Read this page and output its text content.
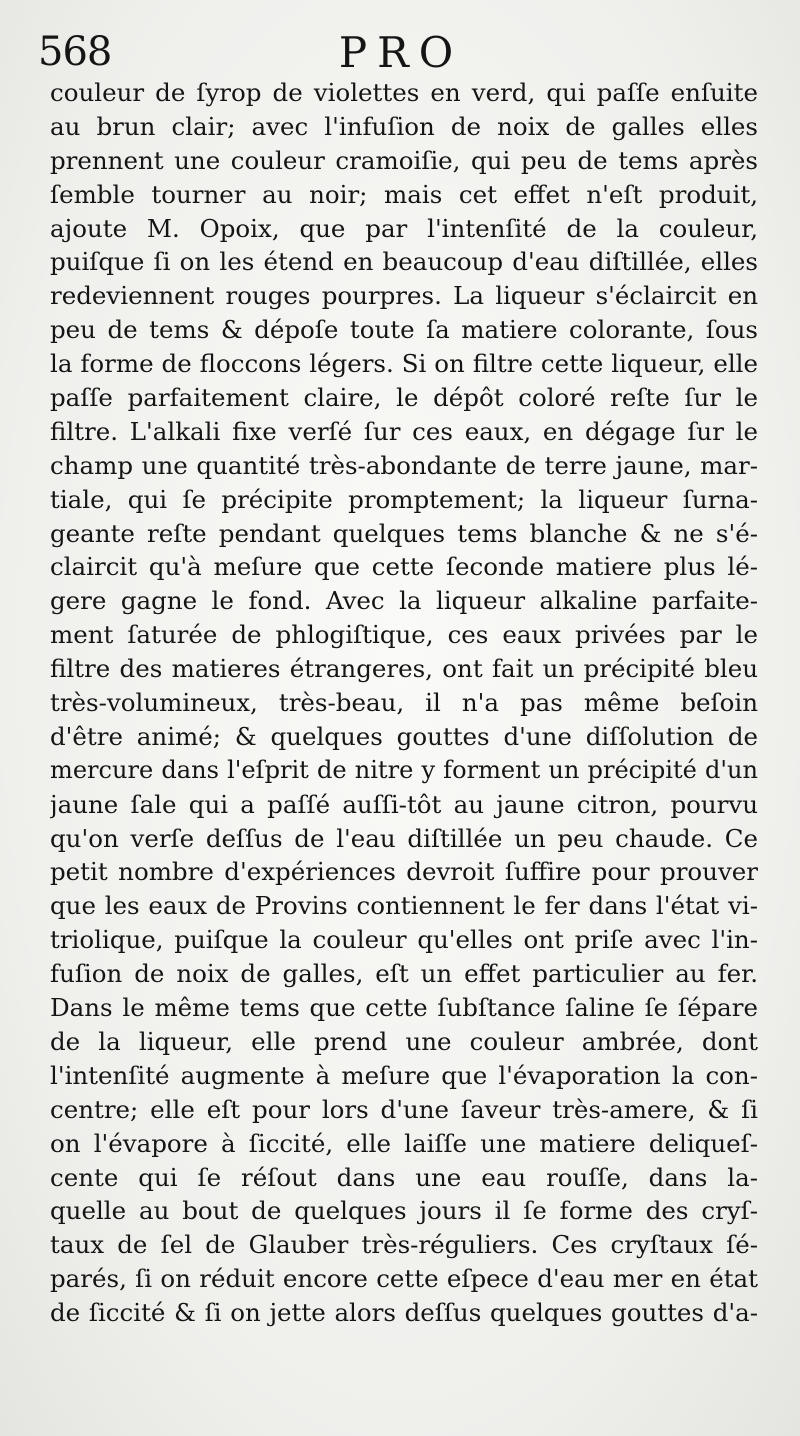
568	PRO
couleur de ſyrop de violettes en verd, qui paſſe enſuite
au brun clair; avec l'infuſion de noix de galles elles
prennent une couleur cramoiſie, qui peu de tems après
ſemble tourner au noir; mais cet effet n'eſt produit,
ajoute M. Opoix, que par l'intenſité de la couleur,
puiſque ſi on les étend en beaucoup d'eau diſtillée, elles
redeviennent rouges pourpres. La liqueur s'éclaircit en
peu de tems & dépoſe toute ſa matiere colorante, ſous
la forme de floccons légers. Si on filtre cette liqueur, elle
paſſe parfaitement claire, le dépôt coloré reſte ſur le
filtre. L'alkali fixe verſé ſur ces eaux, en dégage ſur le
champ une quantité très-abondante de terre jaune, mar-
tiale, qui ſe précipite promptement; la liqueur ſurna-
geante reſte pendant quelques tems blanche & ne s'é-
claircit qu'à meſure que cette ſeconde matiere plus lé-
gere gagne le fond. Avec la liqueur alkaline parfaite-
ment ſaturée de phlogiſtique, ces eaux privées par le
filtre des matieres étrangeres, ont fait un précipité bleu
très-volumineux, très-beau, il n'a pas même beſoin
d'être animé; & quelques gouttes d'une diſſolution de
mercure dans l'eſprit de nitre y forment un précipité d'un
jaune ſale qui a paſſé auſſi-tôt au jaune citron, pourvu
qu'on verſe deſſus de l'eau diſtillée un peu chaude. Ce
petit nombre d'expériences devroit ſuffire pour prouver
que les eaux de Provins contiennent le fer dans l'état vi-
triolique, puiſque la couleur qu'elles ont priſe avec l'in-
fuſion de noix de galles, eſt un effet particulier au fer.
Dans le même tems que cette ſubſtance ſaline ſe ſépare
de la liqueur, elle prend une couleur ambrée, dont
l'intenſité augmente à meſure que l'évaporation la con-
centre; elle eſt pour lors d'une ſaveur très-amere, & ſi
on l'évapore à ſiccité, elle laiſſe une matiere deliqueſ-
cente qui ſe réſout dans une eau rouſſe, dans la-
quelle au bout de quelques jours il ſe forme des cryſ-
taux de ſel de Glauber très-réguliers. Ces cryſtaux ſé-
parés, ſi on réduit encore cette eſpece d'eau mer en état
de ſiccité & ſi on jette alors deſſus quelques gouttes d'a-
